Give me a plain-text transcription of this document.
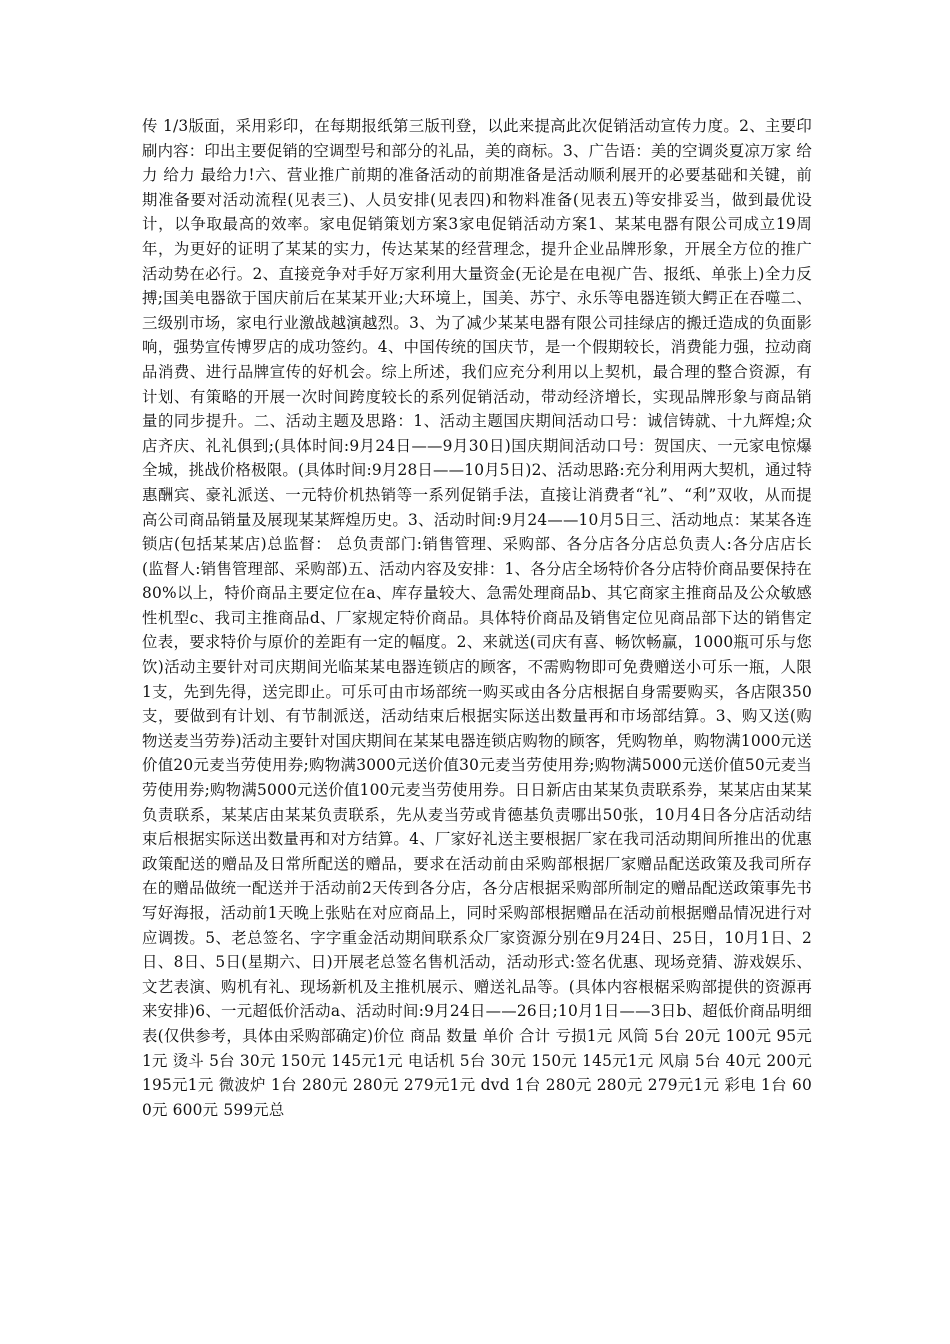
传 1/3版面，采用彩印，在每期报纸第三版刊登，以此来提高此次促销活动宣传力度。2、主要印刷内容：印出主要促销的空调型号和部分的礼品，美的商标。3、广告语：美的空调炎夏凉万家 给力 给力 最给力!六、营业推广前期的准备活动的前期准备是活动顺利展开的必要基础和关键，前期准备要对活动流程(见表三)、人员安排(见表四)和物料准备(见表五)等安排妥当，做到最优设计，以争取最高的效率。家电促销策划方案3家电促销活动方案1、某某电器有限公司成立19周年，为更好的证明了某某的实力，传达某某的经营理念，提升企业品牌形象，开展全方位的推广活动势在必行。2、直接竞争对手好万家利用大量资金(无论是在电视广告、报纸、单张上)全力反搏;国美电器欲于国庆前后在某某开业;大环境上，国美、苏宁、永乐等电器连锁大鳄正在吞噬二、三级别市场，家电行业激战越演越烈。3、为了减少某某电器有限公司挂绿店的搬迁造成的负面影响，强势宣传博罗店的成功签约。4、中国传统的国庆节，是一个假期较长，消费能力强，拉动商品消费、进行品牌宣传的好机会。综上所述，我们应充分利用以上契机，最合理的整合资源，有计划、有策略的开展一次时间跨度较长的系列促销活动，带动经济增长，实现品牌形象与商品销量的同步提升。二、活动主题及思路：1、活动主题国庆期间活动口号：诚信铸就、十九辉煌;众店齐庆、礼礼俱到;(具体时间:9月24日——9月30日)国庆期间活动口号：贺国庆、一元家电惊爆全城，挑战价格极限。(具体时间:9月28日——10月5日)2、活动思路:充分利用两大契机，通过特惠酬宾、豪礼派送、一元特价机热销等一系列促销手法，直接让消费者“礼”、“利”双收，从而提高公司商品销量及展现某某辉煌历史。3、活动时间:9月24——10月5日三、活动地点：某某各连锁店(包括某某店)总监督： 总负责部门:销售管理、采购部、各分店各分店总负责人:各分店店长(监督人:销售管理部、采购部)五、活动内容及安排：1、各分店全场特价各分店特价商品要保持在80%以上，特价商品主要定位在a、库存量较大、急需处理商品b、其它商家主推商品及公众敏感性机型c、我司主推商品d、厂家规定特价商品。具体特价商品及销售定位见商品部下达的销售定位表，要求特价与原价的差距有一定的幅度。2、来就送(司庆有喜、畅饮畅赢，1000瓶可乐与您饮)活动主要针对司庆期间光临某某电器连锁店的顾客，不需购物即可免费赠送小可乐一瓶，人限1支，先到先得，送完即止。可乐可由市场部统一购买或由各分店根据自身需要购买，各店限350支，要做到有计划、有节制派送，活动结束后根据实际送出数量再和市场部结算。3、购又送(购物送麦当劳券)活动主要针对国庆期间在某某电器连锁店购物的顾客，凭购物单，购物满1000元送价值20元麦当劳使用券;购物满3000元送价值30元麦当劳使用券;购物满5000元送价值50元麦当劳使用券;购物满5000元送价值100元麦当劳使用券。日日新店由某某负责联系券，某某店由某某负责联系，某某店由某某负责联系，先从麦当劳或肯德基负责哪出50张，10月4日各分店活动结束后根据实际送出数量再和对方结算。4、厂家好礼送主要根据厂家在我司活动期间所推出的优惠政策配送的赠品及日常所配送的赠品，要求在活动前由采购部根据厂家赠品配送政策及我司所存在的赠品做统一配送并于活动前2天传到各分店，各分店根据采购部所制定的赠品配送政策事先书写好海报，活动前1天晚上张贴在对应商品上，同时采购部根据赠品在活动前根据赠品情况进行对应调拨。5、老总签名、字字重金活动期间联系众厂家资源分别在9月24日、25日，10月1日、2日、8日、5日(星期六、日)开展老总签名售机活动，活动形式:签名优惠、现场竞猜、游戏娱乐、文艺表演、购机有礼、现场新机及主推机展示、赠送礼品等。(具体内容根椐采购部提供的资源再来安排)6、一元超低价活动a、活动时间:9月24日——26日;10月1日——3日b、超低价商品明细表(仅供参考，具体由采购部确定)价位 商品 数量 单价 合计 亏损1元 风筒 5台 20元 100元 95元1元 烫斗 5台 30元 150元 145元1元 电话机 5台 30元 150元 145元1元 风扇 5台 40元 200元 195元1元 微波炉 1台 280元 280元 279元1元 dvd 1台 280元 280元 279元1元 彩电 1台 600元 600元 599元总
